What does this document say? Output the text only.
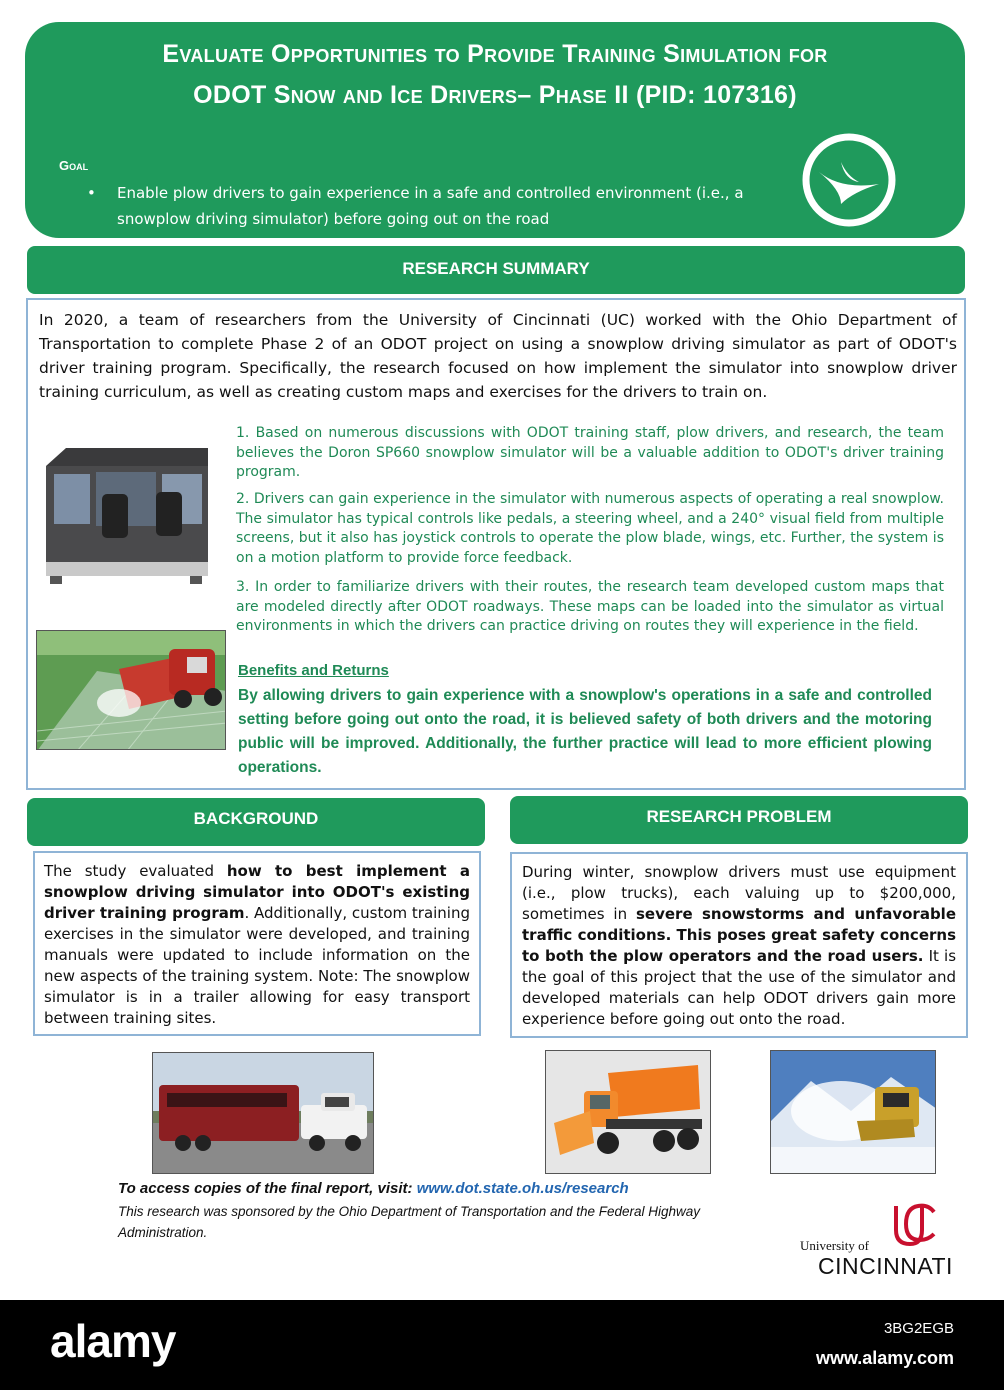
Evaluate Opportunities to Provide Training Simulation for
ODOT Snow and Ice Drivers– Phase II (PID: 107316)
Goal
• Enable plow drivers to gain experience in a safe and controlled environment (i.e., a snowplow driving simulator) before going out on the road
RESEARCH SUMMARY
In 2020, a team of researchers from the University of Cincinnati (UC) worked with the Ohio Department of Transportation to complete Phase 2 of an ODOT project on using a snowplow driving simulator as part of ODOT's driver training program. Specifically, the research focused on how implement the simulator into snowplow driver training curriculum, as well as creating custom maps and exercises for the drivers to train on.
1. Based on numerous discussions with ODOT training staff, plow drivers, and research, the team believes the Doron SP660 snowplow simulator will be a valuable addition to ODOT's driver training program.
2. Drivers can gain experience in the simulator with numerous aspects of operating a real snowplow. The simulator has typical controls like pedals, a steering wheel, and a 240° visual field from multiple screens, but it also has joystick controls to operate the plow blade, wings, etc. Further, the system is on a motion platform to provide force feedback.
3. In order to familiarize drivers with their routes, the research team developed custom maps that are modeled directly after ODOT roadways. These maps can be loaded into the simulator as virtual environments in which the drivers can practice driving on routes they will experience in the field.
Benefits and Returns
By allowing drivers to gain experience with a snowplow's operations in a safe and controlled setting before going out onto the road, it is believed safety of both drivers and the motoring public will be improved. Additionally, the further practice will lead to more efficient plowing operations.
BACKGROUND
The study evaluated how to best implement a snowplow driving simulator into ODOT's existing driver training program. Additionally, custom training exercises in the simulator were developed, and training manuals were updated to include information on the new aspects of the training system. Note: The snowplow simulator is in a trailer allowing for easy transport between training sites.
RESEARCH PROBLEM
During winter, snowplow drivers must use equipment (i.e., plow trucks), each valuing up to $200,000, sometimes in severe snowstorms and unfavorable traffic conditions. This poses great safety concerns to both the plow operators and the road users. It is the goal of this project that the use of the simulator and developed materials can help ODOT drivers gain more experience before going out onto the road.
To access copies of the final report, visit: www.dot.state.oh.us/research
This research was sponsored by the Ohio Department of Transportation and the Federal Highway Administration.
University of
CINCINNATI
alamy	3BG2EGB
www.alamy.com
